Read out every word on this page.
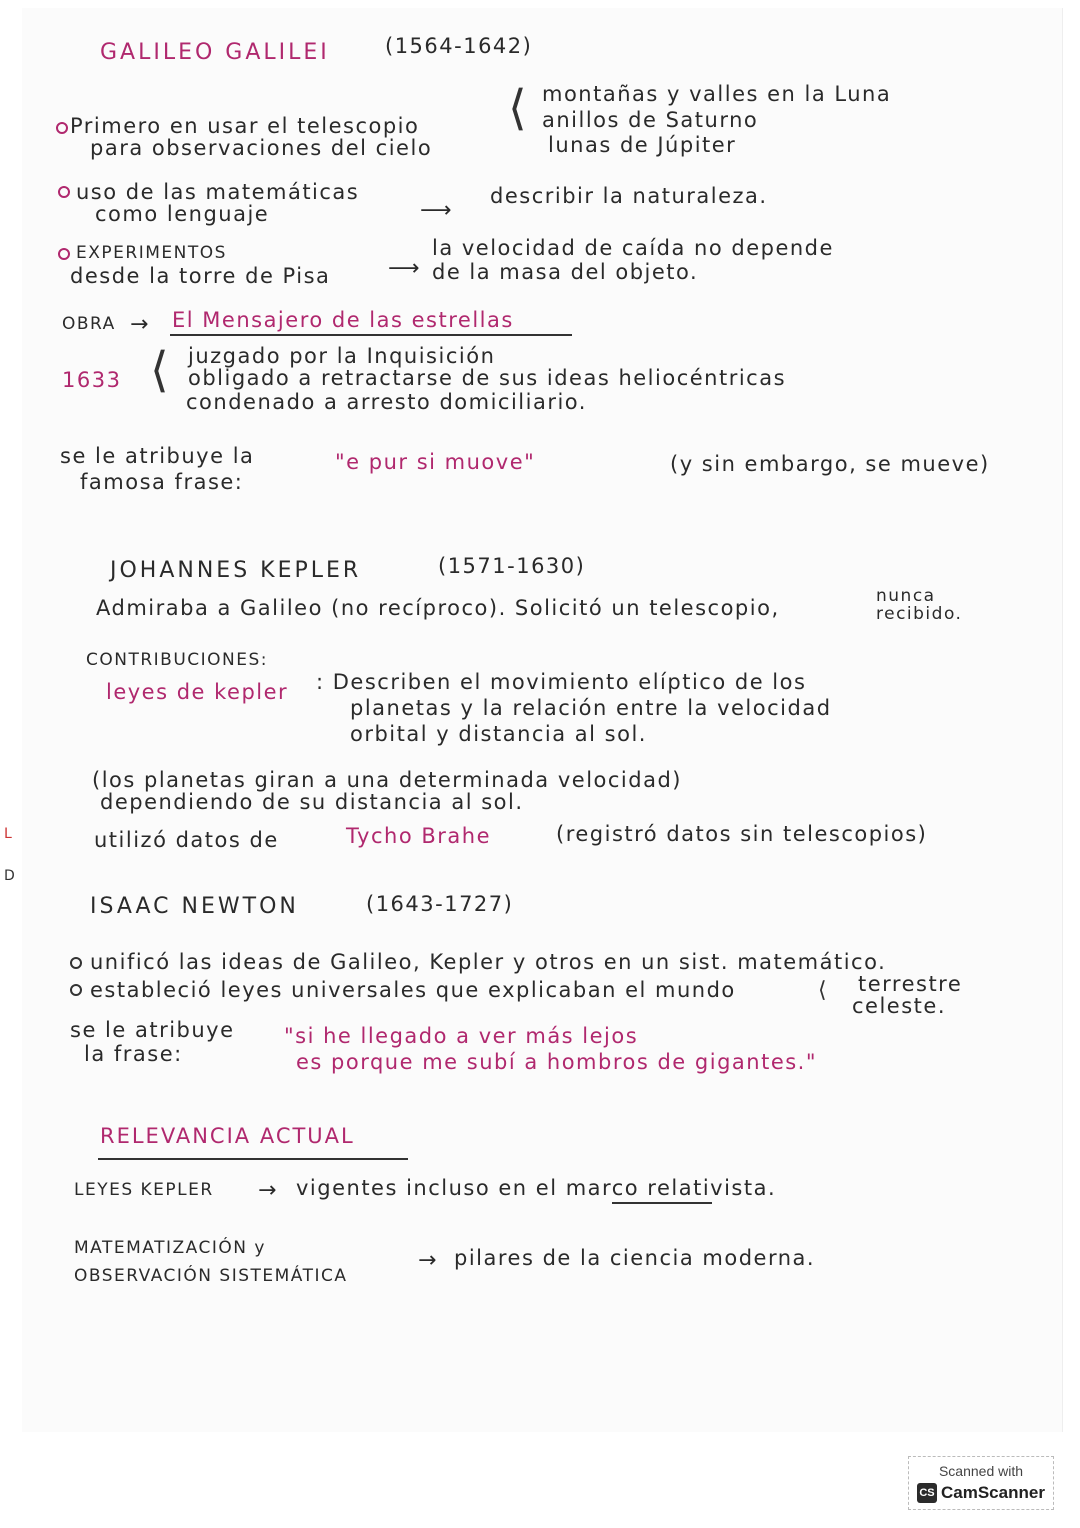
GALILEO GALILEI	(1564-1642)
Primero en usar el telescopio
para observaciones del cielo
⟨ montañas y valles en la Luna
anillos de Saturno
lunas de Júpiter
uso de las matemáticas
como lenguaje	⟶
describir la naturaleza.
EXPERIMENTOS
desde la torre de Pisa	⟶
la velocidad de caída no depende
de la masa del objeto.
OBRA → El Mensajero de las estrellas
1633 ⟨ juzgado por la Inquisición
obligado a retractarse de sus ideas heliocéntricas
condenado a arresto domiciliario.
se le atribuye la
famosa frase:
"e pur si muove"	(y sin embargo, se mueve)
JOHANNES KEPLER	(1571-1630)
Admiraba a Galileo (no recíproco). Solicitó un telescopio,	nunca
recibido.
CONTRIBUCIONES:
leyes de kepler : Describen el movimiento elíptico de los
planetas y la relación entre la velocidad
orbital y distancia al sol.
(los planetas giran a una determinada velocidad)
dependiendo de su distancia al sol.
utilizó datos de	Tycho Brahe	(registró datos sin telescopios)
ISAAC NEWTON	(1643-1727)
unificó las ideas de Galileo, Kepler y otros en un sist. matemático.
estableció leyes universales que explicaban el mundo	⟨ terrestre
celeste.
se le atribuye
la frase:
"si he llegado a ver más lejos
es porque me subí a hombros de gigantes."
RELEVANCIA ACTUAL
LEYES KEPLER → vigentes incluso en el marco relativista.
MATEMATIZACIÓN y
OBSERVACIÓN SISTEMÁTICA
→ pilares de la ciencia moderna.
L
D
Scanned with
CS CamScanner
